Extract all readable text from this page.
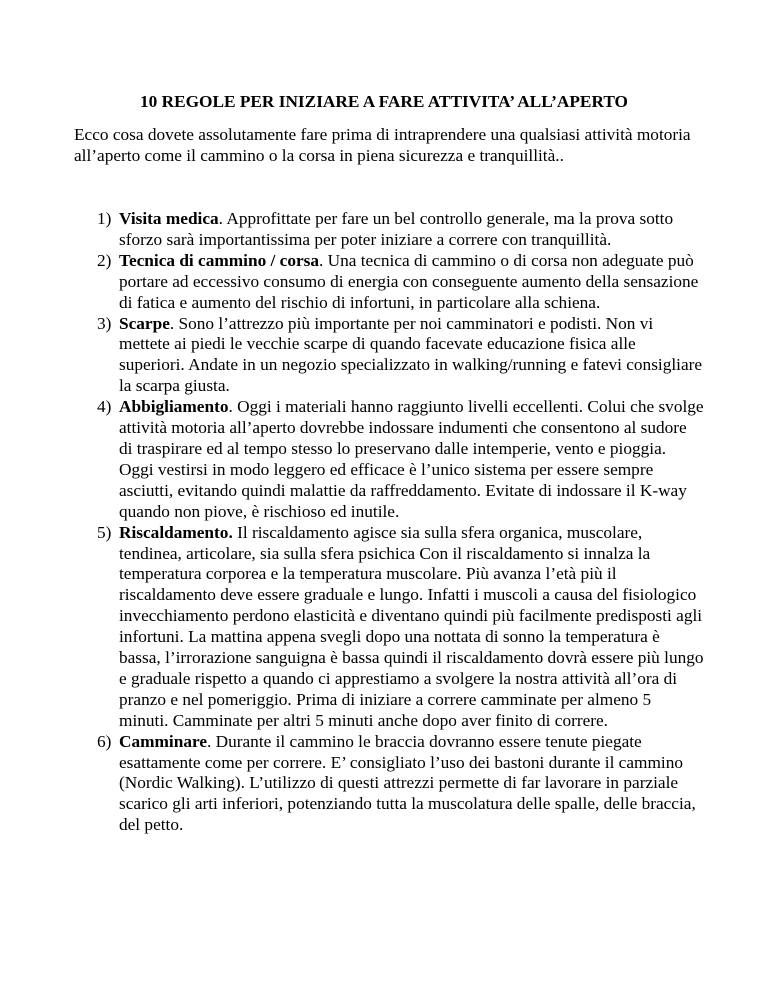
10 REGOLE PER INIZIARE A FARE ATTIVITA’ ALL’APERTO

Ecco cosa dovete assolutamente fare prima di intraprendere una qualsiasi attività motoria all’aperto come il cammino o la corsa in piena sicurezza e tranquillità..

1) Visita medica. Approfittate per fare un bel controllo generale, ma la prova sotto sforzo sarà importantissima per poter iniziare a correre con tranquillità.
2) Tecnica di cammino / corsa. Una tecnica di cammino o di corsa non adeguate può portare ad eccessivo consumo di energia con conseguente aumento della sensazione di fatica e aumento del rischio di infortuni, in particolare alla schiena.
3) Scarpe. Sono l’attrezzo più importante per noi camminatori e podisti. Non vi mettete ai piedi le vecchie scarpe di quando facevate educazione fisica alle superiori. Andate in un negozio specializzato in walking/running e fatevi consigliare la scarpa giusta.
4) Abbigliamento. Oggi i materiali hanno raggiunto livelli eccellenti. Colui che svolge attività motoria all’aperto dovrebbe indossare indumenti che consentono al sudore di traspirare ed al tempo stesso lo preservano dalle intemperie, vento e pioggia. Oggi vestirsi in modo leggero ed efficace è l’unico sistema per essere sempre asciutti, evitando quindi malattie da raffreddamento. Evitate di indossare il K-way quando non piove, è rischioso ed inutile.
5) Riscaldamento. Il riscaldamento agisce sia sulla sfera organica, muscolare, tendinea, articolare, sia sulla sfera psichica Con il riscaldamento si innalza la temperatura corporea e la temperatura muscolare. Più avanza l’età più il riscaldamento deve essere graduale e lungo. Infatti i muscoli a causa del fisiologico invecchiamento perdono elasticità e diventano quindi più facilmente predisposti agli infortuni. La mattina appena svegli dopo una nottata di sonno la temperatura è bassa, l’irrorazione sanguigna è bassa quindi il riscaldamento dovrà essere più lungo e graduale rispetto a quando ci apprestiamo a svolgere la nostra attività all’ora di pranzo e nel pomeriggio. Prima di iniziare a correre camminate per almeno 5 minuti. Camminate per altri 5 minuti anche dopo aver finito di correre.
6) Camminare. Durante il cammino le braccia dovranno essere tenute piegate esattamente come per correre. E’ consigliato l’uso dei bastoni durante il cammino (Nordic Walking). L’utilizzo di questi attrezzi permette di far lavorare in parziale scarico gli arti inferiori, potenziando tutta la muscolatura delle spalle, delle braccia, del petto.
